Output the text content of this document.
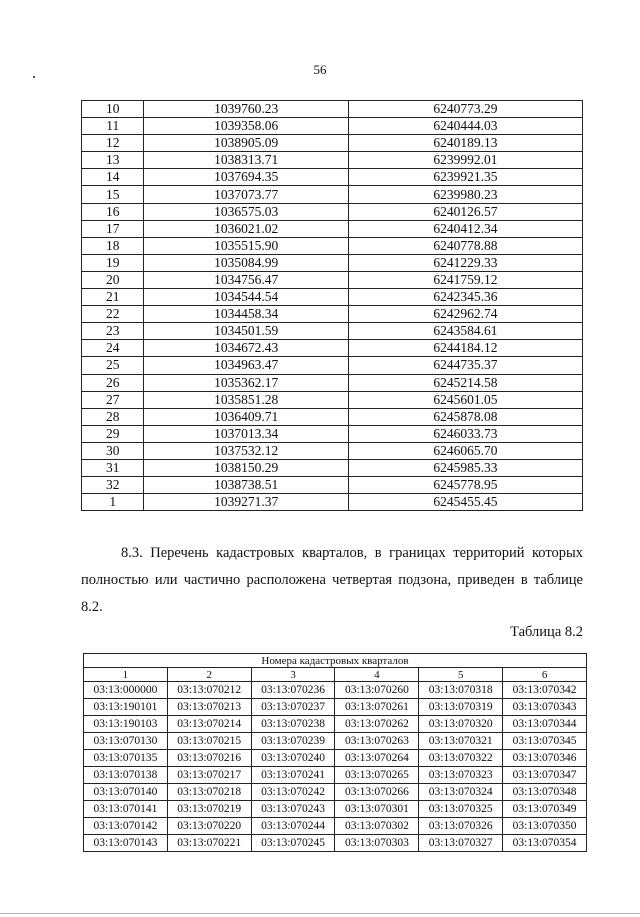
56
10	1039760.23	6240773.29
11	1039358.06	6240444.03
12	1038905.09	6240189.13
13	1038313.71	6239992.01
14	1037694.35	6239921.35
15	1037073.77	6239980.23
16	1036575.03	6240126.57
17	1036021.02	6240412.34
18	1035515.90	6240778.88
19	1035084.99	6241229.33
20	1034756.47	6241759.12
21	1034544.54	6242345.36
22	1034458.34	6242962.74
23	1034501.59	6243584.61
24	1034672.43	6244184.12
25	1034963.47	6244735.37
26	1035362.17	6245214.58
27	1035851.28	6245601.05
28	1036409.71	6245878.08
29	1037013.34	6246033.73
30	1037532.12	6246065.70
31	1038150.29	6245985.33
32	1038738.51	6245778.95
1	1039271.37	6245455.45

8.3. Перечень кадастровых кварталов, в границах территорий которых полностью или частично расположена четвертая подзона, приведен в таблице 8.2.

Таблица 8.2
Номера кадастровых кварталов					
1	2	3	4	5	6
03:13:000000	03:13:070212	03:13:070236	03:13:070260	03:13:070318	03:13:070342
03:13:190101	03:13:070213	03:13:070237	03:13:070261	03:13:070319	03:13:070343
03:13:190103	03:13:070214	03:13:070238	03:13:070262	03:13:070320	03:13:070344
03:13:070130	03:13:070215	03:13:070239	03:13:070263	03:13:070321	03:13:070345
03:13:070135	03:13:070216	03:13:070240	03:13:070264	03:13:070322	03:13:070346
03:13:070138	03:13:070217	03:13:070241	03:13:070265	03:13:070323	03:13:070347
03:13:070140	03:13:070218	03:13:070242	03:13:070266	03:13:070324	03:13:070348
03:13:070141	03:13:070219	03:13:070243	03:13:070301	03:13:070325	03:13:070349
03:13:070142	03:13:070220	03:13:070244	03:13:070302	03:13:070326	03:13:070350
03:13:070143	03:13:070221	03:13:070245	03:13:070303	03:13:070327	03:13:070354
